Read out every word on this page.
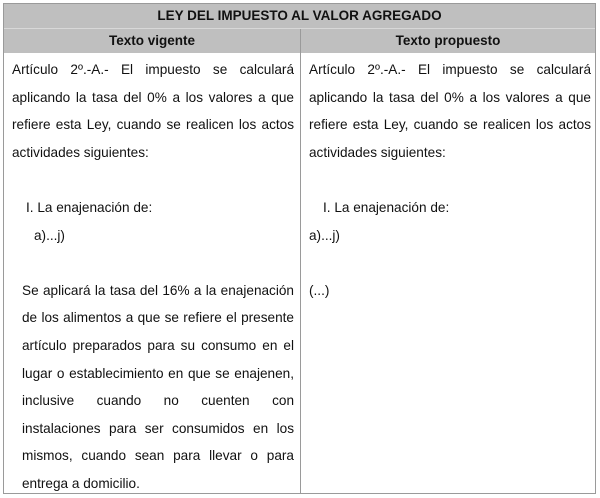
LEY DEL IMPUESTO AL VALOR AGREGADO
Texto vigente	Texto propuesto
Artículo 2º.-A.- El impuesto se calculará
aplicando la tasa del 0% a los valores a que
refiere esta Ley, cuando se realicen los actos
actividades siguientes:
I. La enajenación de:
a)...j)
Se aplicará la tasa del 16% a la enajenación
de los alimentos a que se refiere el presente
artículo preparados para su consumo en el
lugar o establecimiento en que se enajenen,
inclusive cuando no cuenten con
instalaciones para ser consumidos en los
mismos, cuando sean para llevar o para
entrega a domicilio.
Artículo 2º.-A.- El impuesto se calculará
aplicando la tasa del 0% a los valores a que
refiere esta Ley, cuando se realicen los actos
actividades siguientes:
I. La enajenación de:
a)...j)
(...)
